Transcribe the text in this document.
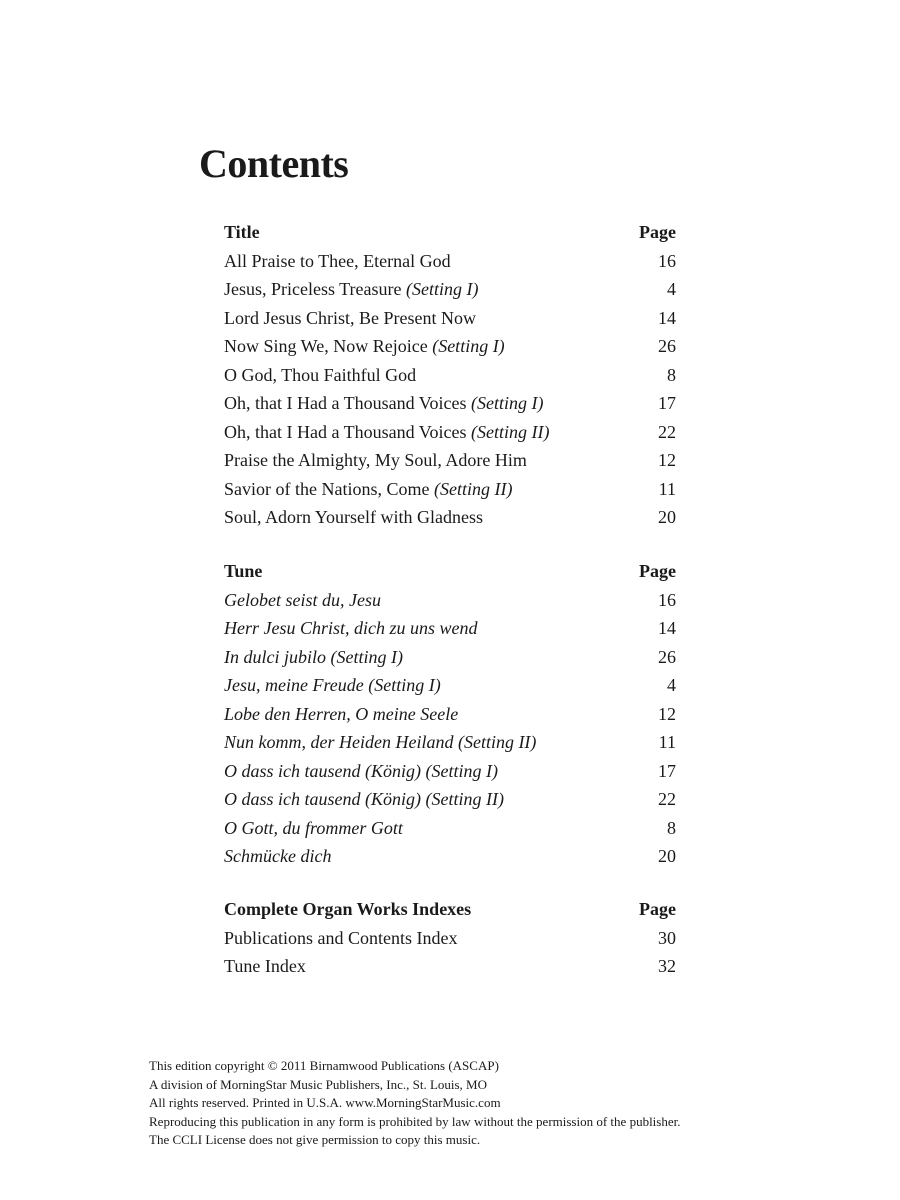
Contents
Title	Page
All Praise to Thee, Eternal God	16
Jesus, Priceless Treasure (Setting I)	4
Lord Jesus Christ, Be Present Now	14
Now Sing We, Now Rejoice (Setting I)	26
O God, Thou Faithful God	8
Oh, that I Had a Thousand Voices (Setting I)	17
Oh, that I Had a Thousand Voices (Setting II)	22
Praise the Almighty, My Soul, Adore Him	12
Savior of the Nations, Come (Setting II)	11
Soul, Adorn Yourself with Gladness	20
Tune	Page
Gelobet seist du, Jesu	16
Herr Jesu Christ, dich zu uns wend	14
In dulci jubilo (Setting I)	26
Jesu, meine Freude (Setting I)	4
Lobe den Herren, O meine Seele	12
Nun komm, der Heiden Heiland (Setting II)	11
O dass ich tausend (König) (Setting I)	17
O dass ich tausend (König) (Setting II)	22
O Gott, du frommer Gott	8
Schmücke dich	20
Complete Organ Works Indexes	Page
Publications and Contents Index	30
Tune Index	32
This edition copyright © 2011 Birnamwood Publications (ASCAP)
A division of MorningStar Music Publishers, Inc., St. Louis, MO
All rights reserved. Printed in U.S.A. www.MorningStarMusic.com
Reproducing this publication in any form is prohibited by law without the permission of the publisher.
The CCLI License does not give permission to copy this music.
